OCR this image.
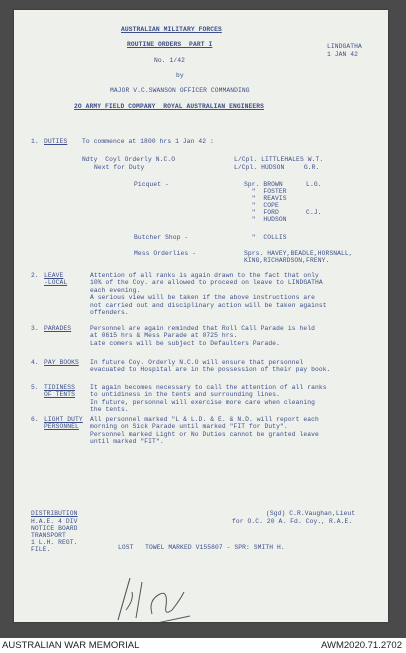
AUSTRALIAN MILITARY FORCES
ROUTINE ORDERS  PART I
No. 1/42
by
MAJOR V.C.SWANSON OFFICER COMMANDING
2O ARMY FIELD COMPANY  ROYAL AUSTRALIAN ENGINEERS
LINDGATHA
1 JAN 42
1. DUTIES To commence at 1800 hrs 1 Jan 42 :
Ndty  Coyl Orderly N.C.O	L/Cpl. LITTLEHALES W.T.
Next for Duty	L/Cpl. HUDSON     G.R.
Picquet -	Spr. BROWN      L.G.
"  FOSTER
"  REAVIS
"  COPE
"  FORD       C.J.
"  HUDSON
Butcher Shop -	"  COLLIS
Mess Orderlies -	Sprs. HAVEY,BEADLE,HORSNALL,
KING,RICHARDSON,FRENY.
2. LEAVE
-LOCAL
Attention of all ranks is again drawn to the fact that only
10% of the Coy. are allowed to proceed on leave to LINDGATHA
each evening.
A serious view will be taken if the above instructions are
not carried out and disciplinary action will be taken against
offenders.
3. PARADES	Personnel are again reminded that Roll Call Parade is held
at 0615 hrs & Mess Parade at 0725 hrs.
Late comers will be subject to Defaulters Parade.
4. PAY BOOKS In future Coy. Orderly N.C.O will ensure that personnel
evacuated to Hospital are in the possession of their pay book.
5. TIDINESS
OF TENTS
It again becomes necessary to call the attention of all ranks
to untidiness in the tents and surrounding lines.
In future, personnel will exercise more care when cleaning
the tents.
6. LIGHT DUTY
PERSONNEL
All personnel marked "L & L.D. & E. & N.D. will report each
morning on Sick Parade until marked "FIT for Duty".
Personnel marked Light or No Duties cannot be granted leave
until marked "FIT".
(Sgd) C.R.Vaughan,Lieut
for O.C. 20 A. Fd. Coy., R.A.E.
DISTRIBUTION
H.A.E. 4 DIV
NOTICE BOARD
TRANSPORT
1 L.H. REGT.
FILE.	LOST   TOWEL MARKED V155807 - SPR: SMITH H.
AUSTRALIAN WAR MEMORIAL	AWM2020.71.2702
